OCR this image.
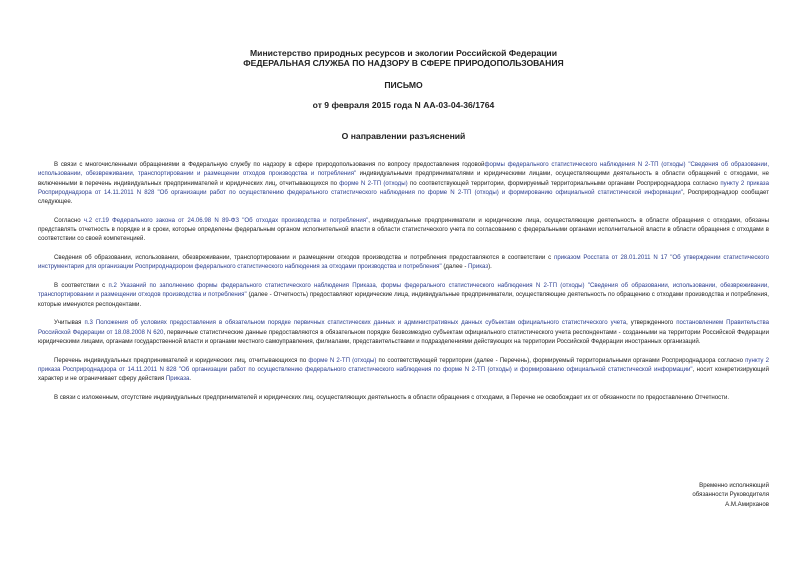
Министерство природных ресурсов и экологии Российской Федерации
ФЕДЕРАЛЬНАЯ СЛУЖБА ПО НАДЗОРУ В СФЕРЕ ПРИРОДОПОЛЬЗОВАНИЯ
ПИСЬМО
от 9 февраля 2015 года N АА-03-04-36/1764
О направлении разъяснений

В связи с многочисленными обращениями в Федеральную службу по надзору в сфере природопользования по вопросу предоставления годовойформы федерального статистического наблюдения N 2-ТП (отходы) "Сведения об образовании, использовании, обезвреживании, транспортировании и размещении отходов производства и потребления" индивидуальными предпринимателями и юридическими лицами, осуществляющими деятельность в области обращений с отходами, не включенными в перечень индивидуальных предпринимателей и юридических лиц, отчитывающихся по форме N 2-ТП (отходы) по соответствующей территории, формируемый территориальными органами Росприроднадзора согласно пункту 2 приказа Росприроднадзора от 14.11.2011 N 828 "Об организации работ по осуществлению федерального статистического наблюдения по форме N 2-ТП (отходы) и формированию официальной статистической информации", Росприроднадзор сообщает следующее.

Согласно ч.2 ст.19 Федерального закона от 24.06.98 N 89-ФЗ "Об отходах производства и потребления", индивидуальные предприниматели и юридические лица, осуществляющие деятельность в области обращения с отходами, обязаны представлять отчетность в порядке и в сроки, которые определены федеральным органом исполнительной власти в области статистического учета по согласованию с федеральными органами исполнительной власти в области обращения с отходами в соответствии со своей компетенцией.

Сведения об образовании, использовании, обезвреживании, транспортировании и размещении отходов производства и потребления предоставляются в соответствии с приказом Росстата от 28.01.2011 N 17 "Об утверждении статистического инструментария для организации Росприроднадзором федерального статистического наблюдения за отходами производства и потребления" (далее - Приказ).

В соответствии с п.2 Указаний по заполнению формы федерального статистического наблюдения Приказа, формы федерального статистического наблюдения N 2-ТП (отходы) "Сведения об образовании, использовании, обезвреживании, транспортировании и размещении отходов производства и потребления" (далее - Отчетность) предоставляют юридические лица, индивидуальные предприниматели, осуществляющие деятельность по обращению с отходами производства и потребления, которые именуются респондентами.

Учитывая п.3 Положения об условиях предоставления в обязательном порядке первичных статистических данных и административных данных субъектам официального статистического учета, утвержденного постановлением Правительства Российской Федерации от 18.08.2008 N 620, первичные статистические данные предоставляются в обязательном порядке безвозмездно субъектам официального статистического учета респондентами - созданными на территории Российской Федерации юридическими лицами, органами государственной власти и органами местного самоуправления, филиалами, представительствами и подразделениями действующих на территории Российской Федерации иностранных организаций.

Перечень индивидуальных предпринимателей и юридических лиц, отчитывающихся по форме N 2-ТП (отходы) по соответствующей территории (далее - Перечень), формируемый территориальными органами Росприроднадзора согласно пункту 2 приказа Росприроднадзора от 14.11.2011 N 828 "Об организации работ по осуществлению федерального статистического наблюдения по форме N 2-ТП (отходы) и формированию официальной статистической информации", носит конкретизирующий характер и не ограничивает сферу действия Приказа.

В связи с изложенным, отсутствие индивидуальных предпринимателей и юридических лиц, осуществляющих деятельность в области обращения с отходами, в Перечне не освобождает их от обязанности по предоставлению Отчетности.

Временно исполняющий
обязанности Руководителя
А.М.Амирханов
